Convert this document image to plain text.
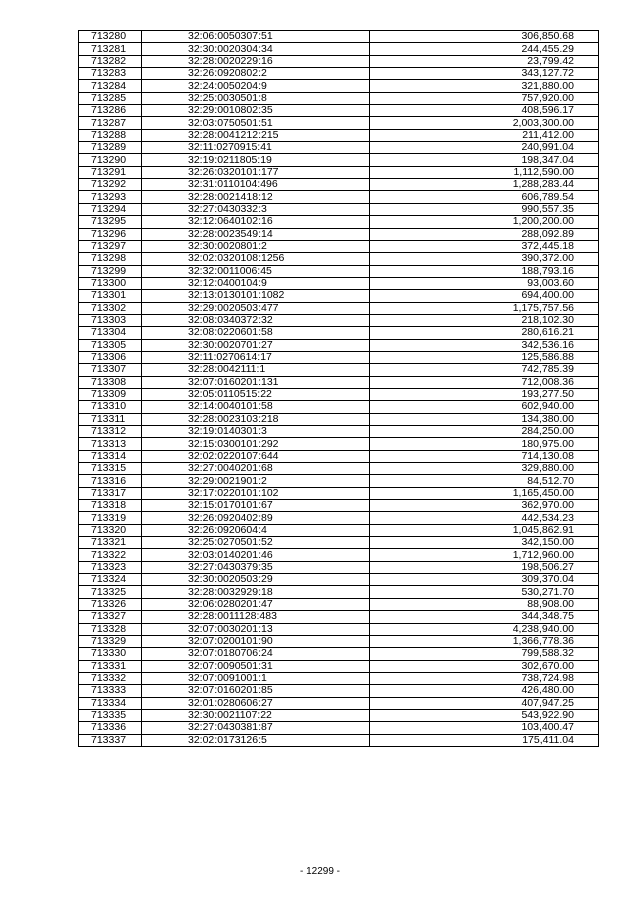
713280	32:06:0050307:51	306,850.68
713281	32:30:0020304:34	244,455.29
713282	32:28:0020229:16	23,799.42
713283	32:26:0920802:2	343,127.72
713284	32:24:0050204:9	321,880.00
713285	32:25:0030501:8	757,920.00
713286	32:29:0010802:35	408,596.17
713287	32:03:0750501:51	2,003,300.00
713288	32:28:0041212:215	211,412.00
713289	32:11:0270915:41	240,991.04
713290	32:19:0211805:19	198,347.04
713291	32:26:0320101:177	1,112,590.00
713292	32:31:0110104:496	1,288,283.44
713293	32:28:0021418:12	606,789.54
713294	32:27:0430332:3	990,557.35
713295	32:12:0640102:16	1,200,200.00
713296	32:28:0023549:14	288,092.89
713297	32:30:0020801:2	372,445.18
713298	32:02:0320108:1256	390,372.00
713299	32:32:0011006:45	188,793.16
713300	32:12:0400104:9	93,003.60
713301	32:13:0130101:1082	694,400.00
713302	32:29:0020503:477	1,175,757.56
713303	32:08:0340372:32	218,102.30
713304	32:08:0220601:58	280,616.21
713305	32:30:0020701:27	342,536.16
713306	32:11:0270614:17	125,586.88
713307	32:28:0042111:1	742,785.39
713308	32:07:0160201:131	712,008.36
713309	32:05:0110515:22	193,277.50
713310	32:14:0040101:58	602,940.00
713311	32:28:0023103:218	134,380.00
713312	32:19:0140301:3	284,250.00
713313	32:15:0300101:292	180,975.00
713314	32:02:0220107:644	714,130.08
713315	32:27:0040201:68	329,880.00
713316	32:29:0021901:2	84,512.70
713317	32:17:0220101:102	1,165,450.00
713318	32:15:0170101:67	362,970.00
713319	32:26:0920402:89	442,534.23
713320	32:26:0920604:4	1,045,862.91
713321	32:25:0270501:52	342,150.00
713322	32:03:0140201:46	1,712,960.00
713323	32:27:0430379:35	198,506.27
713324	32:30:0020503:29	309,370.04
713325	32:28:0032929:18	530,271.70
713326	32:06:0280201:47	88,908.00
713327	32:28:0011128:483	344,348.75
713328	32:07:0030201:13	4,238,940.00
713329	32:07:0200101:90	1,366,778.36
713330	32:07:0180706:24	799,588.32
713331	32:07:0090501:31	302,670.00
713332	32:07:0091001:1	738,724.98
713333	32:07:0160201:85	426,480.00
713334	32:01:0280606:27	407,947.25
713335	32:30:0021107:22	543,922.90
713336	32:27:0430381:87	103,400.47
713337	32:02:0173126:5	175,411.04
- 12299 -
